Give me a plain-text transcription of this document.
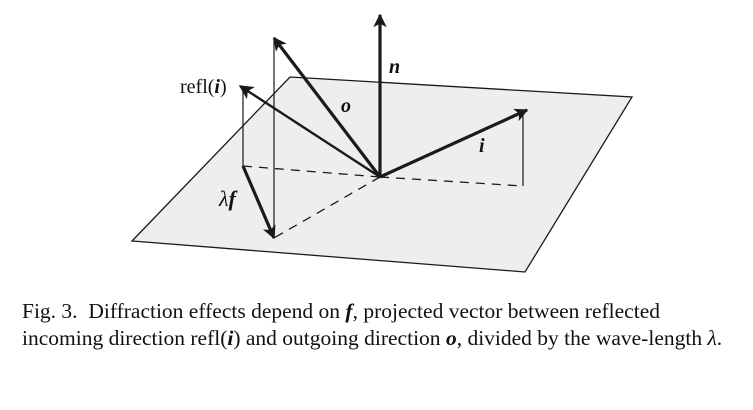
n
o
i
refl(i)
λf

Fig. 3. Diffraction effects depend on f, projected vector between reflected incoming direction refl(i) and outgoing direction o, divided by the wave-length λ.
